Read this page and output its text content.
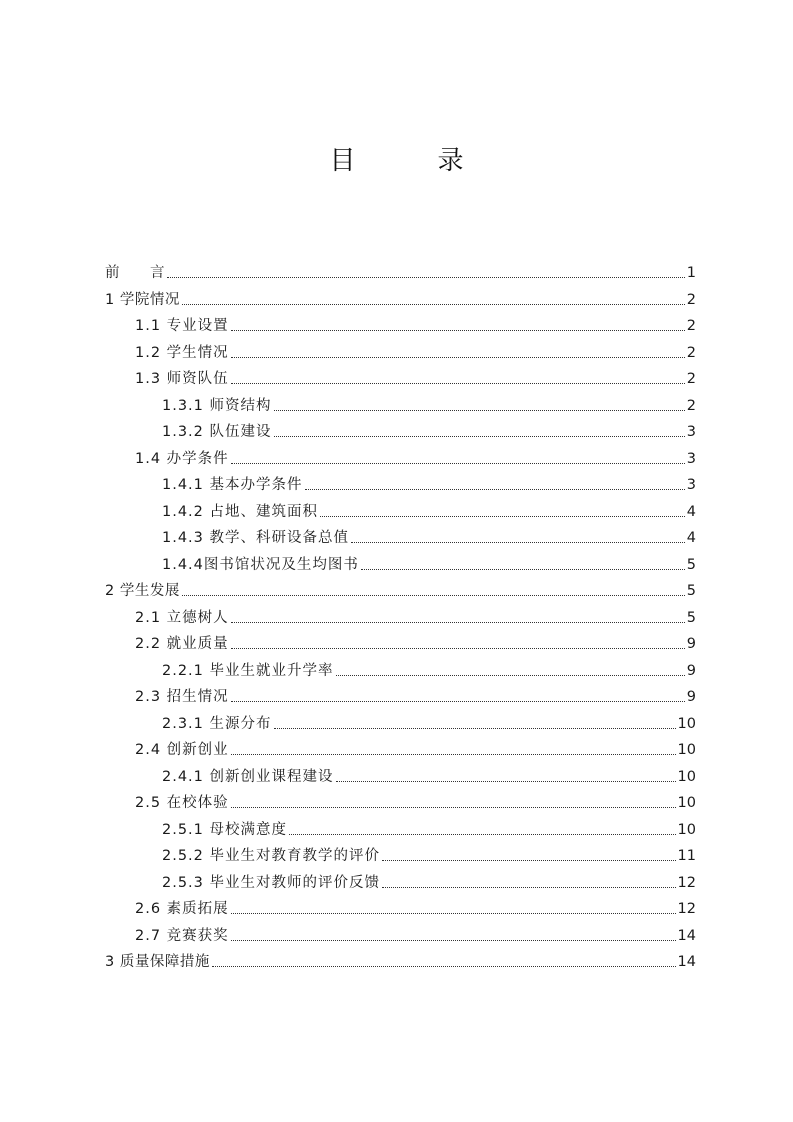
目　录
前　　言	1
1 学院情况	2
1.1 专业设置	2
1.2 学生情况	2
1.3 师资队伍	2
1.3.1 师资结构	2
1.3.2 队伍建设	3
1.4 办学条件	3
1.4.1 基本办学条件	3
1.4.2 占地、建筑面积	4
1.4.3 教学、科研设备总值	4
1.4.4图书馆状况及生均图书	5
2 学生发展	5
2.1 立德树人	5
2.2 就业质量	9
2.2.1 毕业生就业升学率	9
2.3 招生情况	9
2.3.1 生源分布	10
2.4 创新创业	10
2.4.1 创新创业课程建设	10
2.5 在校体验	10
2.5.1 母校满意度	10
2.5.2 毕业生对教育教学的评价	11
2.5.3 毕业生对教师的评价反馈	12
2.6 素质拓展	12
2.7 竞赛获奖	14
3 质量保障措施	14
